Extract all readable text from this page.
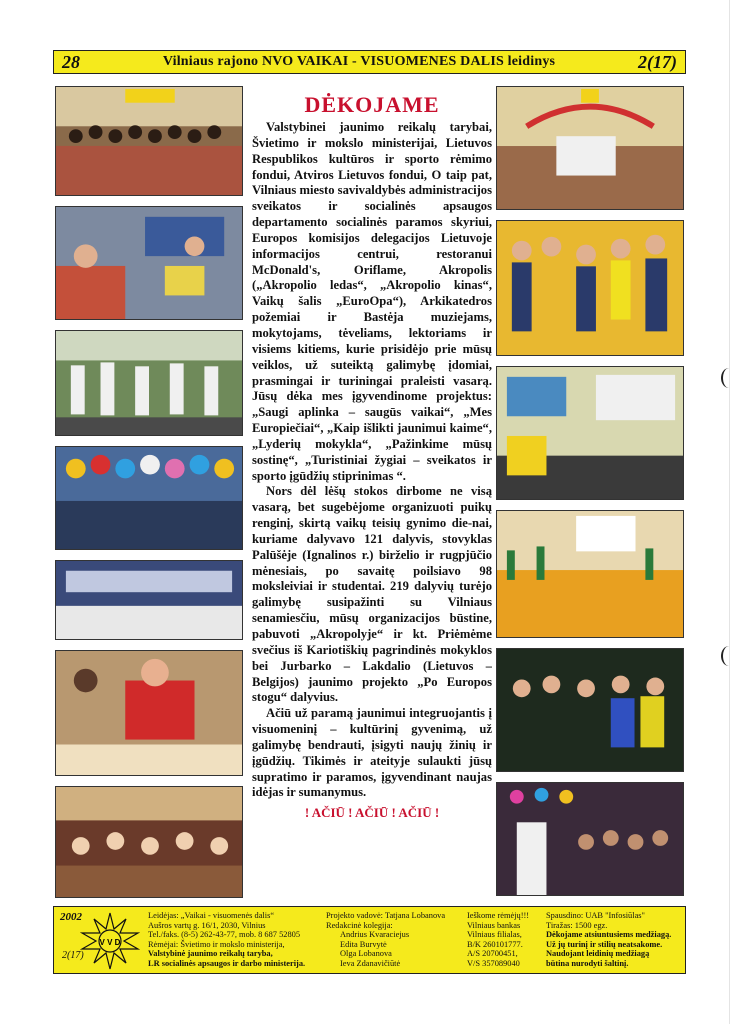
28	Vilniaus rajono NVO VAIKAI - VISUOMENES DALIS leidinys	2(17)
DĖKOJAME

Valstybinei jaunimo reikalų tarybai, Švietimo ir mokslo ministerijai, Lietuvos Respublikos kultūros ir sporto rėmimo fondui, Atviros Lietuvos fondui, O taip pat, Vilniaus miesto savivaldybės administracijos sveikatos ir socialinės apsaugos departamento socialinės paramos skyriui, Europos komisijos delegacijos Lietuvoje informacijos centrui, restoranui McDonald's, Oriflame, Akropolis („Akropolio ledas“, „Akropolio kinas“, Vaikų šalis „EuroOpa“), Arkikatedros požemiai ir Bastėja muziejams, mokytojams, tėveliams, lektoriams ir visiems kitiems, kurie prisidėjo prie mūsų veiklos, už suteiktą galimybę įdomiai, prasmingai ir turiningai praleisti vasarą. Jūsų dėka mes įgyvendinome projektus: „Saugi aplinka – saugūs vaikai“, „Mes Europiečiai“, „Kaip išlikti jaunimui kaime“, „Lyderių mokykla“, „Pažinkime mūsų sostinę“, „Turistiniai žygiai – sveikatos ir sporto įgūdžių stiprinimas “.

Nors dėl lėšų stokos dirbome ne visą vasarą, bet sugebėjome organizuoti puikų renginį, skirtą vaikų teisių gynimo die-nai, kuriame dalyvavo 121 dalyvis, stovyklas Palūšėje (Ignalinos r.) birželio ir rugpjūčio mėnesiais, po savaitę poilsiavo 98 moksleiviai ir studentai. 219 dalyvių turėjo galimybę susipažinti su Vilniaus senamiesčiu, mūsų organizacijos būstine, pabuvoti „Akropolyje“ ir kt. Priėmėme svečius iš Kariotiškių pagrindinės mokyklos bei Jurbarko – Lakdalio (Lietuvos – Belgijos) jaunimo projekto „Po Europos stogu“ dalyvius.

Ačiū už paramą jaunimui integruojantis į visuomeninį – kultūrinį gyvenimą, už galimybę bendrauti, įsigyti naujų žinių ir įgūdžių. Tikimės ir ateityje sulaukti jūsų supratimo ir paramos, įgyvendinant naujas idėjas ir sumanymus.

! AČIŪ ! AČIŪ ! AČIŪ !
2002
2(17)
V V D
Leidėjas: „Vaikai - visuomenės dalis“
Aušros vartų g. 16/1, 2030, Vilnius
Tel./faks. (8-5) 262-43-77, mob. 8 687 52805
Rėmėjai: Švietimo ir mokslo ministerija,
Valstybinė jaunimo reikalų taryba,
LR socialinės apsaugos ir darbo ministerija.
Projekto vadovė: Tatjana Lobanova
Redakcinė kolegija:
Andrius Kvaraciejus
Edita Burvytė
Olga Lobanova
Ieva Zdanavičiūtė
Ieškome rėmėjų!!!
Vilniaus bankas
Vilniaus filialas,
B/K 260101777.
A/S 20700451,
V/S 357089040
Spausdino: UAB "Infosiūlas"
Tiražas: 1500 egz.
Dėkojame atsiuntusiems medžiagą.
Už jų turinį ir stilių neatsakome.
Naudojant leidinių medžiagą
būtina nurodyti šaltinį.
